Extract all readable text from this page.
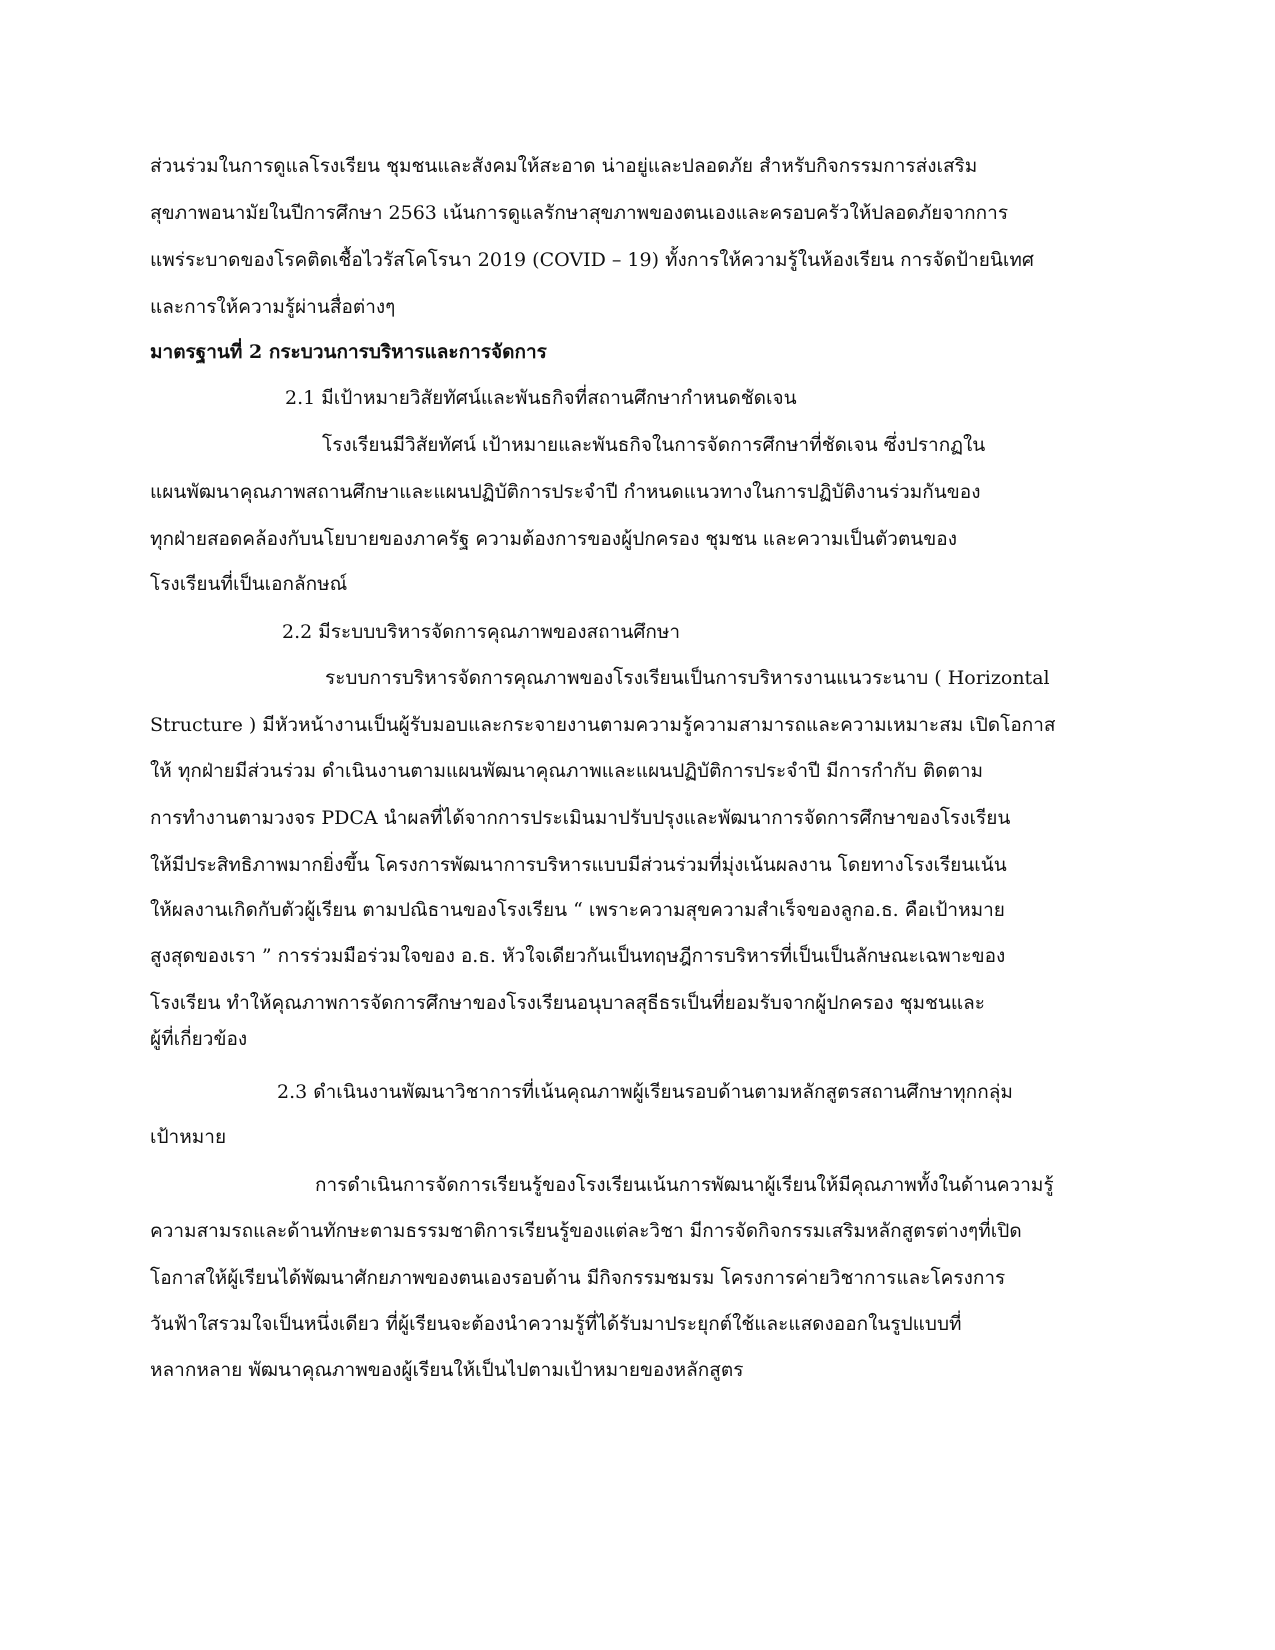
ส่วนร่วมในการดูแลโรงเรียน ชุมชนและสังคมให้สะอาด น่าอยู่และปลอดภัย สำหรับกิจกรรมการส่งเสริม
สุขภาพอนามัยในปีการศึกษา 2563 เน้นการดูแลรักษาสุขภาพของตนเองและครอบครัวให้ปลอดภัยจากการ
แพร่ระบาดของโรคติดเชื้อไวรัสโคโรนา 2019 (COVID – 19) ทั้งการให้ความรู้ในห้องเรียน การจัดป้ายนิเทศ
และการให้ความรู้ผ่านสื่อต่างๆ
มาตรฐานที่ 2 กระบวนการบริหารและการจัดการ
2.1 มีเป้าหมายวิสัยทัศน์และพันธกิจที่สถานศึกษากำหนดชัดเจน
โรงเรียนมีวิสัยทัศน์ เป้าหมายและพันธกิจในการจัดการศึกษาที่ชัดเจน ซึ่งปรากฏใน
แผนพัฒนาคุณภาพสถานศึกษาและแผนปฏิบัติการประจำปี กำหนดแนวทางในการปฏิบัติงานร่วมกันของ
ทุกฝ่ายสอดคล้องกับนโยบายของภาครัฐ ความต้องการของผู้ปกครอง ชุมชน และความเป็นตัวตนของ
โรงเรียนที่เป็นเอกลักษณ์
2.2 มีระบบบริหารจัดการคุณภาพของสถานศึกษา
ระบบการบริหารจัดการคุณภาพของโรงเรียนเป็นการบริหารงานแนวระนาบ ( Horizontal
Structure ) มีหัวหน้างานเป็นผู้รับมอบและกระจายงานตามความรู้ความสามารถและความเหมาะสม เปิดโอกาส
ให้ ทุกฝ่ายมีส่วนร่วม ดำเนินงานตามแผนพัฒนาคุณภาพและแผนปฏิบัติการประจำปี มีการกำกับ ติดตาม
การทำงานตามวงจร PDCA นำผลที่ได้จากการประเมินมาปรับปรุงและพัฒนาการจัดการศึกษาของโรงเรียน
ให้มีประสิทธิภาพมากยิ่งขึ้น โครงการพัฒนาการบริหารแบบมีส่วนร่วมที่มุ่งเน้นผลงาน โดยทางโรงเรียนเน้น
ให้ผลงานเกิดกับตัวผู้เรียน ตามปณิธานของโรงเรียน “ เพราะความสุขความสำเร็จของลูกอ.ธ. คือเป้าหมาย
สูงสุดของเรา ” การร่วมมือร่วมใจของ อ.ธ. หัวใจเดียวกันเป็นทฤษฎีการบริหารที่เป็นเป็นลักษณะเฉพาะของ
โรงเรียน ทำให้คุณภาพการจัดการศึกษาของโรงเรียนอนุบาลสุธีธรเป็นที่ยอมรับจากผู้ปกครอง ชุมชนและ
ผู้ที่เกี่ยวข้อง
2.3 ดำเนินงานพัฒนาวิชาการที่เน้นคุณภาพผู้เรียนรอบด้านตามหลักสูตรสถานศึกษาทุกกลุ่ม
เป้าหมาย
การดำเนินการจัดการเรียนรู้ของโรงเรียนเน้นการพัฒนาผู้เรียนให้มีคุณภาพทั้งในด้านความรู้
ความสามรถและด้านทักษะตามธรรมชาติการเรียนรู้ของแต่ละวิชา มีการจัดกิจกรรมเสริมหลักสูตรต่างๆที่เปิด
โอกาสให้ผู้เรียนได้พัฒนาศักยภาพของตนเองรอบด้าน มีกิจกรรมชมรม โครงการค่ายวิชาการและโครงการ
วันฟ้าใสรวมใจเป็นหนึ่งเดียว ที่ผู้เรียนจะต้องนำความรู้ที่ได้รับมาประยุกต์ใช้และแสดงออกในรูปแบบที่
หลากหลาย พัฒนาคุณภาพของผู้เรียนให้เป็นไปตามเป้าหมายของหลักสูตร
